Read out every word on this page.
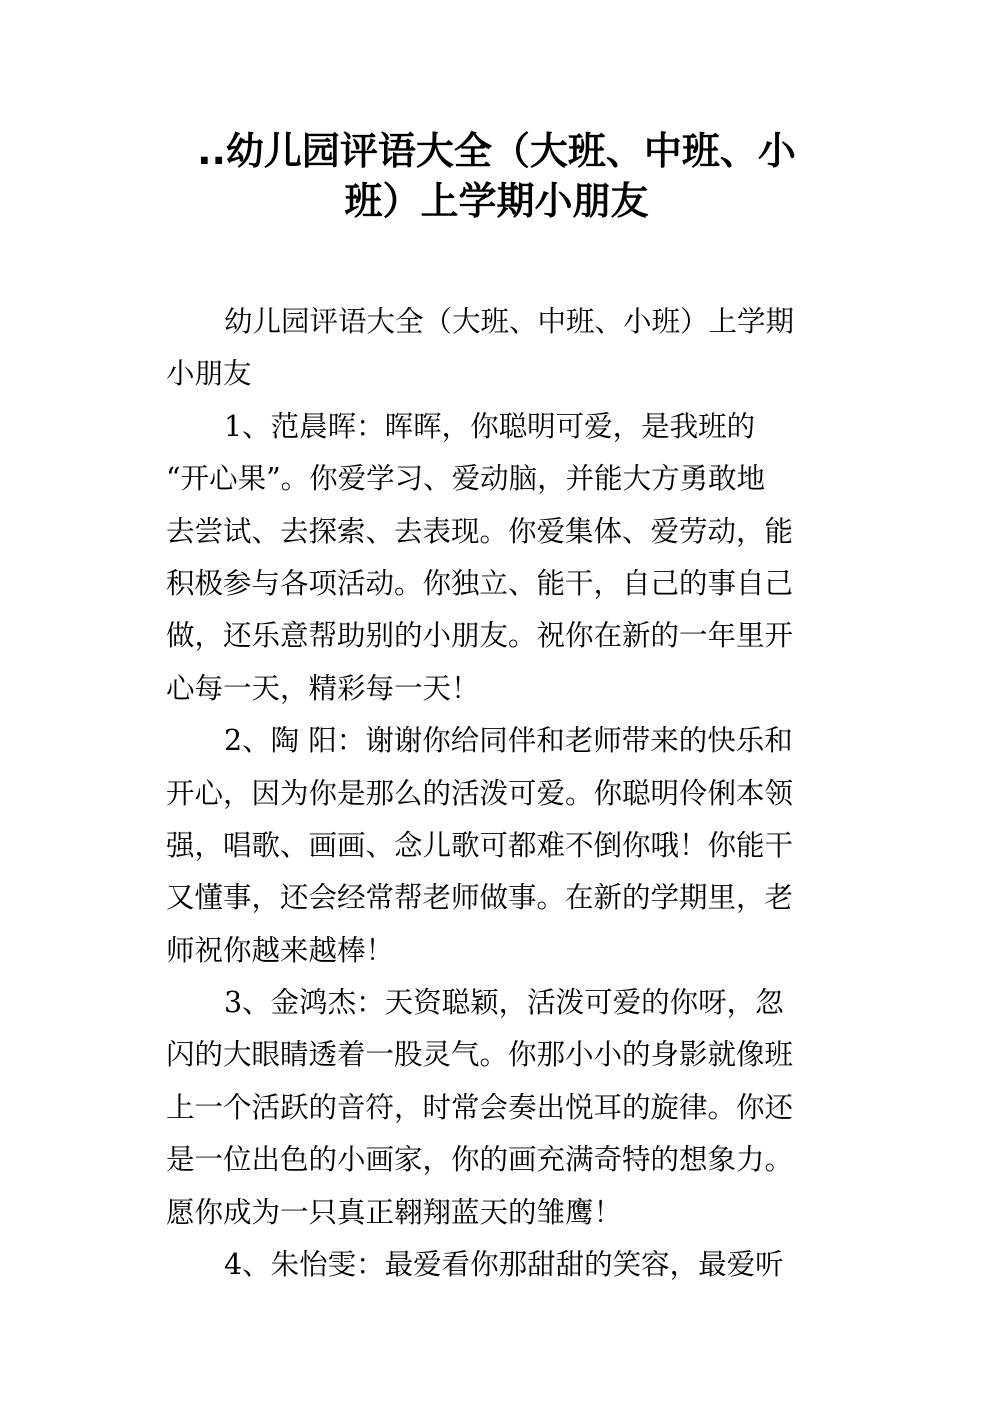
..幼儿园评语大全（大班、中班、小
班）上学期小朋友
幼儿园评语大全（大班、中班、小班）上学期
小朋友
1、范晨晖：晖晖，你聪明可爱，是我班的
“开心果”。你爱学习、爱动脑，并能大方勇敢地
去尝试、去探索、去表现。你爱集体、爱劳动，能
积极参与各项活动。你独立、能干，自己的事自己
做，还乐意帮助别的小朋友。祝你在新的一年里开
心每一天，精彩每一天！
2、陶 阳：谢谢你给同伴和老师带来的快乐和
开心，因为你是那么的活泼可爱。你聪明伶俐本领
强，唱歌、画画、念儿歌可都难不倒你哦！你能干
又懂事，还会经常帮老师做事。在新的学期里，老
师祝你越来越棒！
3、金鸿杰：天资聪颖，活泼可爱的你呀，忽
闪的大眼睛透着一股灵气。你那小小的身影就像班
上一个活跃的音符，时常会奏出悦耳的旋律。你还
是一位出色的小画家，你的画充满奇特的想象力。
愿你成为一只真正翱翔蓝天的雏鹰！
4、朱怡雯：最爱看你那甜甜的笑容，最爱听
